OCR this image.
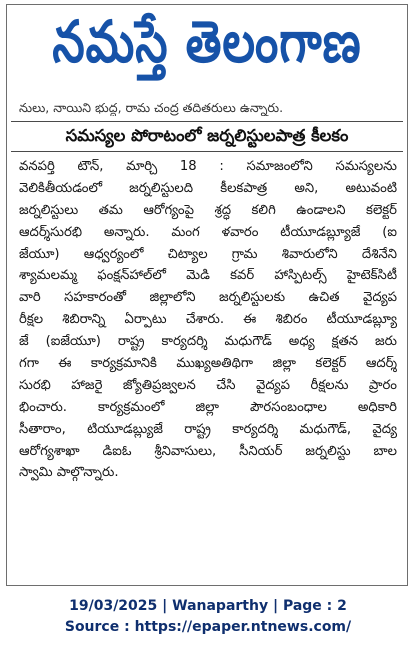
నమస్తే తెలంగాణ
నులు, నాయిని భుద్ద, రామ చంద్ర తదితరులు ఉన్నారు.
సమస్యల పోరాటంలో జర్నలిస్టులపాత్ర కీలకం
వనపర్తి టౌన్, మార్చి 18 : సమాజంలోని సమస్యలను
వెలికితీయడంలో జర్నలిస్టులది కీలకపాత్ర అని, అటువంటి
జర్నలిస్టులు తమ ఆరోగ్యంపై శ్రద్ధ కలిగి ఉండాలని కలెక్టర్
ఆదర్శ్‌సురభి అన్నారు. మంగ ళవారం టీయూడబ్ల్యూజే (ఐ
జేయూ) ఆధ్వర్యంలో చిట్యాల గ్రామ శివారులోని దేశినేని
శ్యామలమ్మ ఫంక్షన్‌హాల్‌లో మెడి కవర్ హాస్పిటల్స్ హైటెక్‌సిటీ
వారి సహకారంతో జిల్లాలోని జర్నలిస్టులకు ఉచిత వైద్యప
రీక్షల శిబిరాన్ని ఏర్పాటు చేశారు. ఈ శిబిరం టీయూడబ్ల్యూ
జే (ఐజేయూ) రాష్ట్ర కార్యదర్శి మధుగౌడ్ అధ్య క్షతన జరు
గగా ఈ కార్యక్రమానికి ముఖ్యఅతిథిగా జిల్లా కలెక్టర్ ఆదర్శ్
సురభి హాజరై జ్యోతిప్రజ్వలన చేసి వైద్యప రీక్షలను ప్రారం
భించారు. కార్యక్రమంలో జిల్లా పౌరసంబంధాల అధికారి
సీతారాం, టియూడబ్ల్యుజే రాష్ట్ర కార్యదర్శి మధుగౌడ్, వైద్య
ఆరోగ్యశాఖా డిఐఓ శ్రీనివాసులు, సీనియర్ జర్నలిస్టు బాల
స్వామి పాల్గొన్నారు.
19/03/2025 | Wanaparthy | Page : 2
Source : https://epaper.ntnews.com/
